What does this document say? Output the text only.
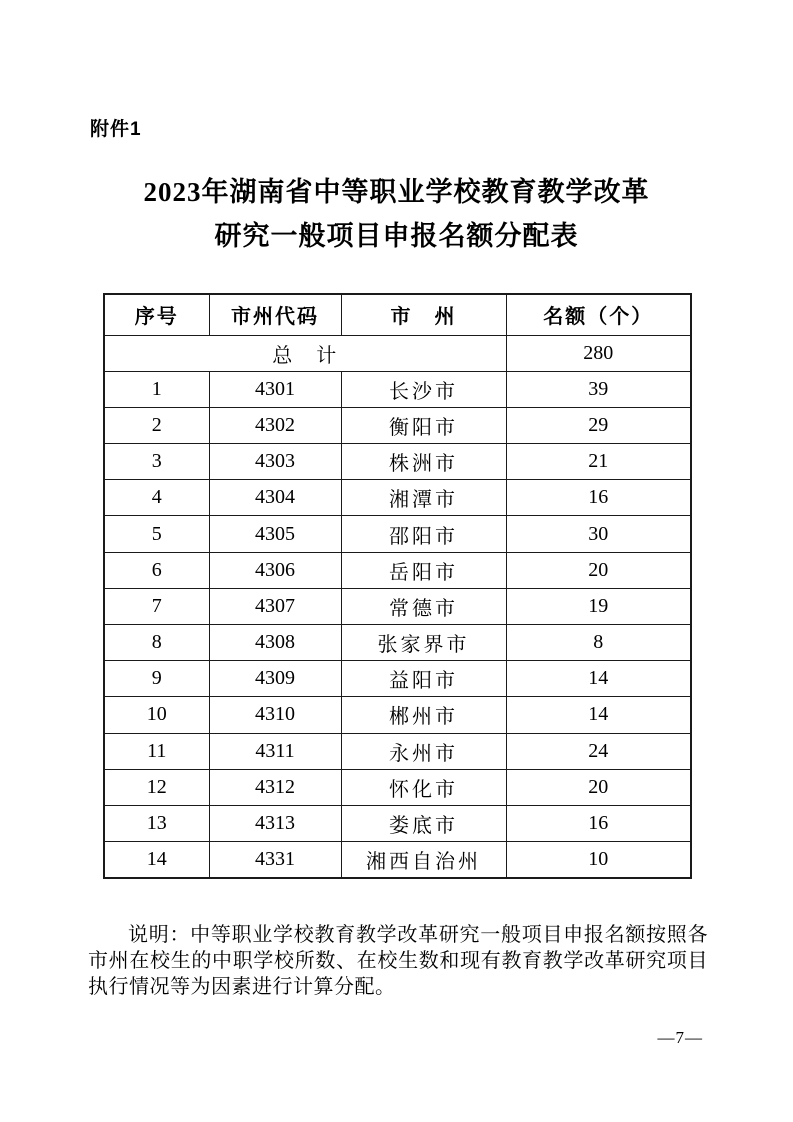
附件1
2023年湖南省中等职业学校教育教学改革
研究一般项目申报名额分配表
序号	市州代码	市　州	名额（个）
总　计			280
1	4301	长沙市	39
2	4302	衡阳市	29
3	4303	株洲市	21
4	4304	湘潭市	16
5	4305	邵阳市	30
6	4306	岳阳市	20
7	4307	常德市	19
8	4308	张家界市	8
9	4309	益阳市	14
10	4310	郴州市	14
11	4311	永州市	24
12	4312	怀化市	20
13	4313	娄底市	16
14	4331	湘西自治州	10

说明：中等职业学校教育教学改革研究一般项目申报名额按照各市州在校生的中职学校所数、在校生数和现有教育教学改革研究项目执行情况等为因素进行计算分配。

—7—
